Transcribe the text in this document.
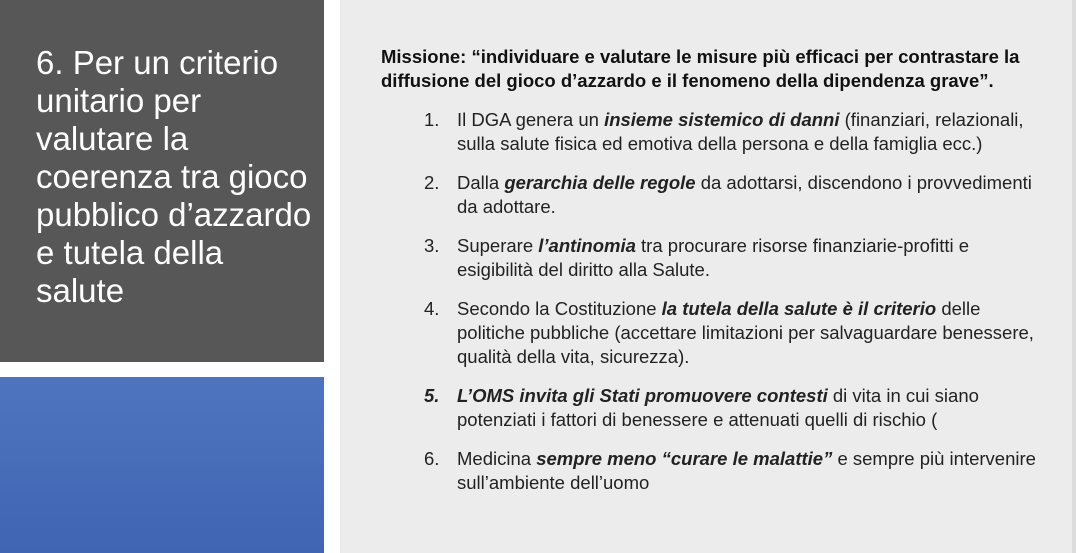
6. Per un criterio unitario per valutare la coerenza tra gioco pubblico d’azzardo e tutela della salute

Missione: “individuare e valutare le misure più efficaci per contrastare la diffusione del gioco d’azzardo e il fenomeno della dipendenza grave”.

1. Il DGA genera un insieme sistemico di danni (finanziari, relazionali, sulla salute fisica ed emotiva della persona e della famiglia ecc.)
2. Dalla gerarchia delle regole da adottarsi, discendono i provvedimenti da adottare.
3. Superare l’antinomia tra procurare risorse finanziarie-profitti e esigibilità del diritto alla Salute.
4. Secondo la Costituzione la tutela della salute è il criterio delle politiche pubbliche (accettare limitazioni per salvaguardare benessere, qualità della vita, sicurezza).
5. L’OMS invita gli Stati promuovere contesti di vita in cui siano potenziati i fattori di benessere e attenuati quelli di rischio (
6. Medicina sempre meno “curare le malattie” e sempre più intervenire sull’ambiente dell’uomo
